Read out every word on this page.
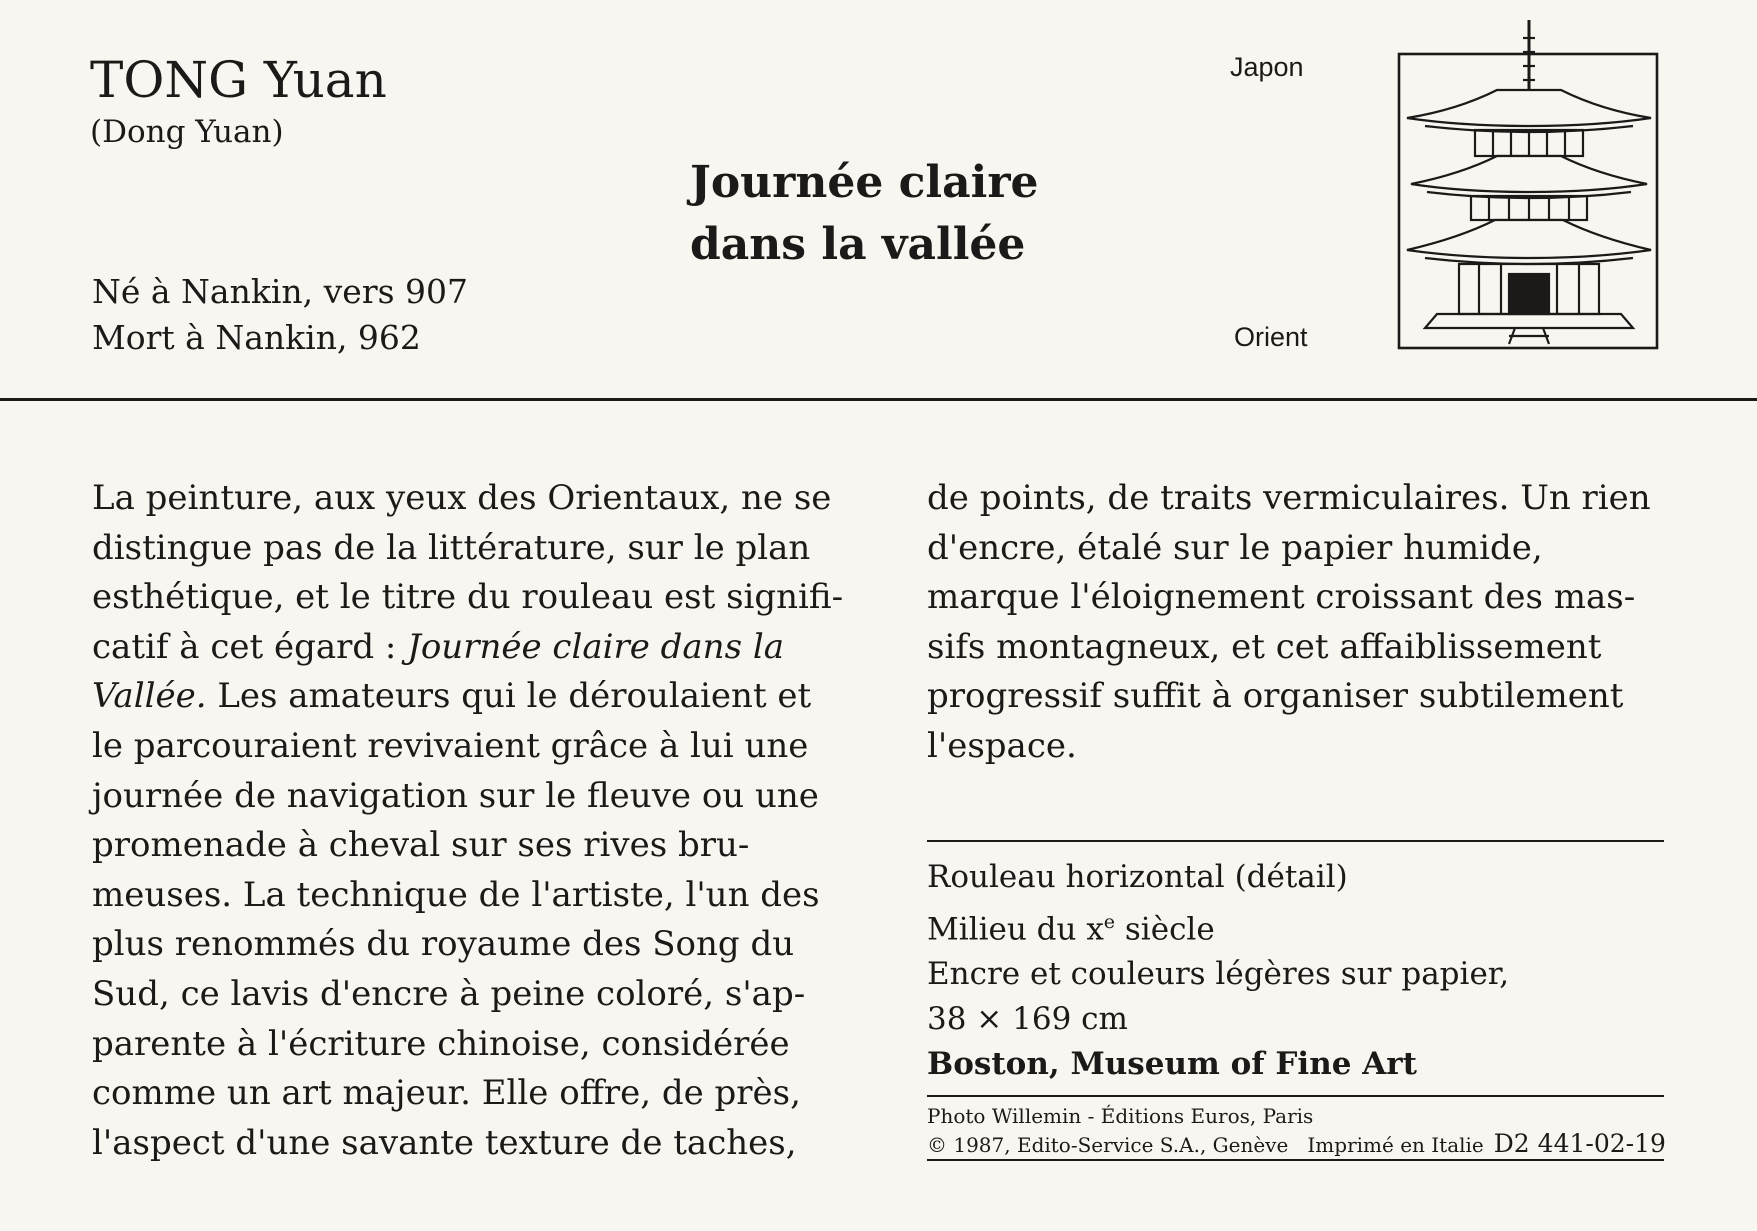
TONG Yuan
(Dong Yuan)
Né à Nankin, vers 907
Mort à Nankin, 962
Journée claire
dans la vallée
Japon
Orient
La peinture, aux yeux des Orientaux, ne se
distingue pas de la littérature, sur le plan
esthétique, et le titre du rouleau est signifi-
catif à cet égard : Journée claire dans la
Vallée. Les amateurs qui le déroulaient et
le parcouraient revivaient grâce à lui une
journée de navigation sur le fleuve ou une
promenade à cheval sur ses rives bru-
meuses. La technique de l'artiste, l'un des
plus renommés du royaume des Song du
Sud, ce lavis d'encre à peine coloré, s'ap-
parente à l'écriture chinoise, considérée
comme un art majeur. Elle offre, de près,
l'aspect d'une savante texture de taches,
de points, de traits vermiculaires. Un rien
d'encre, étalé sur le papier humide,
marque l'éloignement croissant des mas-
sifs montagneux, et cet affaiblissement
progressif suffit à organiser subtilement
l'espace.
Rouleau horizontal (détail)
Milieu du $x^e$ siècle
Encre et couleurs légères sur papier,
38 × 169 cm
Boston, Museum of Fine Art
Photo Willemin - Éditions Euros, Paris
© 1987, Edito-Service S.A., Genève Imprimé en Italie D2 441-02-19
